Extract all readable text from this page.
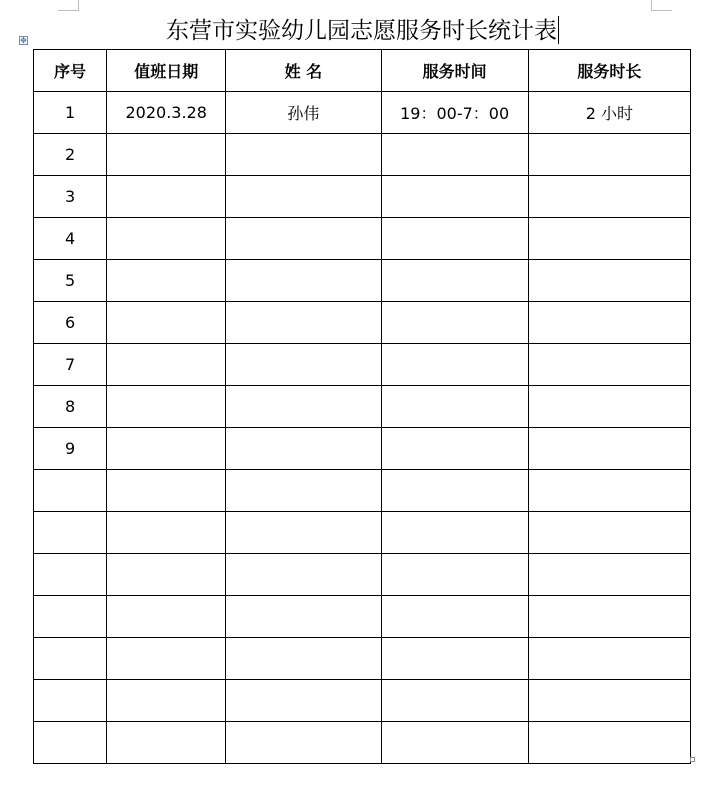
✥	东营市实验幼儿园志愿服务时长统计表
序号	值班日期	姓 名	服务时间	服务时长
1	2020.3.28	孙伟	19：00-7：00	2 小时
2				
3				
4				
5				
6				
7				
8				
9				
